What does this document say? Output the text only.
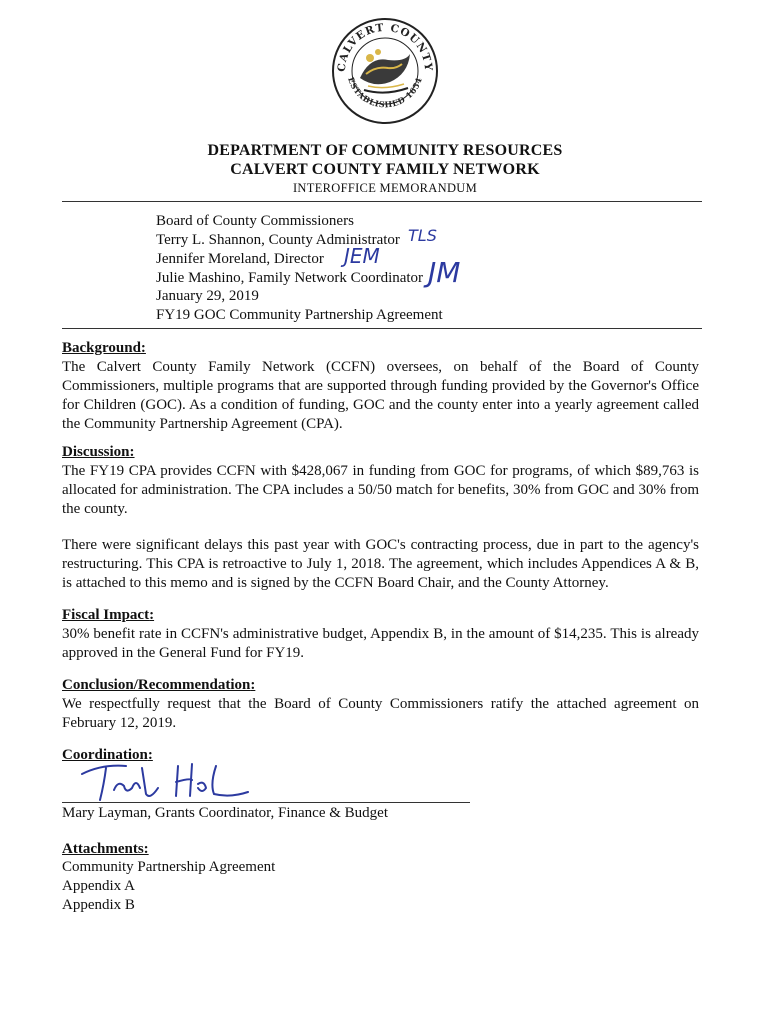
CALVERT COUNTY
ESTABLISHED 1654
DEPARTMENT OF COMMUNITY RESOURCES
CALVERT COUNTY FAMILY NETWORK
INTEROFFICE MEMORANDUM
Board of County Commissioners
Terry L. Shannon, County Administrator TLS
Jennifer Moreland, Director JEM
Julie Mashino, Family Network Coordinator JM
January 29, 2019
FY19 GOC Community Partnership Agreement
Background:

The Calvert County Family Network (CCFN) oversees, on behalf of the Board of County Commissioners, multiple programs that are supported through funding provided by the Governor's Office for Children (GOC). As a condition of funding, GOC and the county enter into a yearly agreement called the Community Partnership Agreement (CPA).

Discussion:

The FY19 CPA provides CCFN with $428,067 in funding from GOC for programs, of which $89,763 is allocated for administration. The CPA includes a 50/50 match for benefits, 30% from GOC and 30% from the county.

There were significant delays this past year with GOC's contracting process, due in part to the agency's restructuring. This CPA is retroactive to July 1, 2018. The agreement, which includes Appendices A & B, is attached to this memo and is signed by the CCFN Board Chair, and the County Attorney.

Fiscal Impact:

30% benefit rate in CCFN's administrative budget, Appendix B, in the amount of $14,235. This is already approved in the General Fund for FY19.

Conclusion/Recommendation:

We respectfully request that the Board of County Commissioners ratify the attached agreement on February 12, 2019.

Coordination:
Mary Layman, Grants Coordinator, Finance & Budget
Attachments:
Community Partnership Agreement
Appendix A
Appendix B
